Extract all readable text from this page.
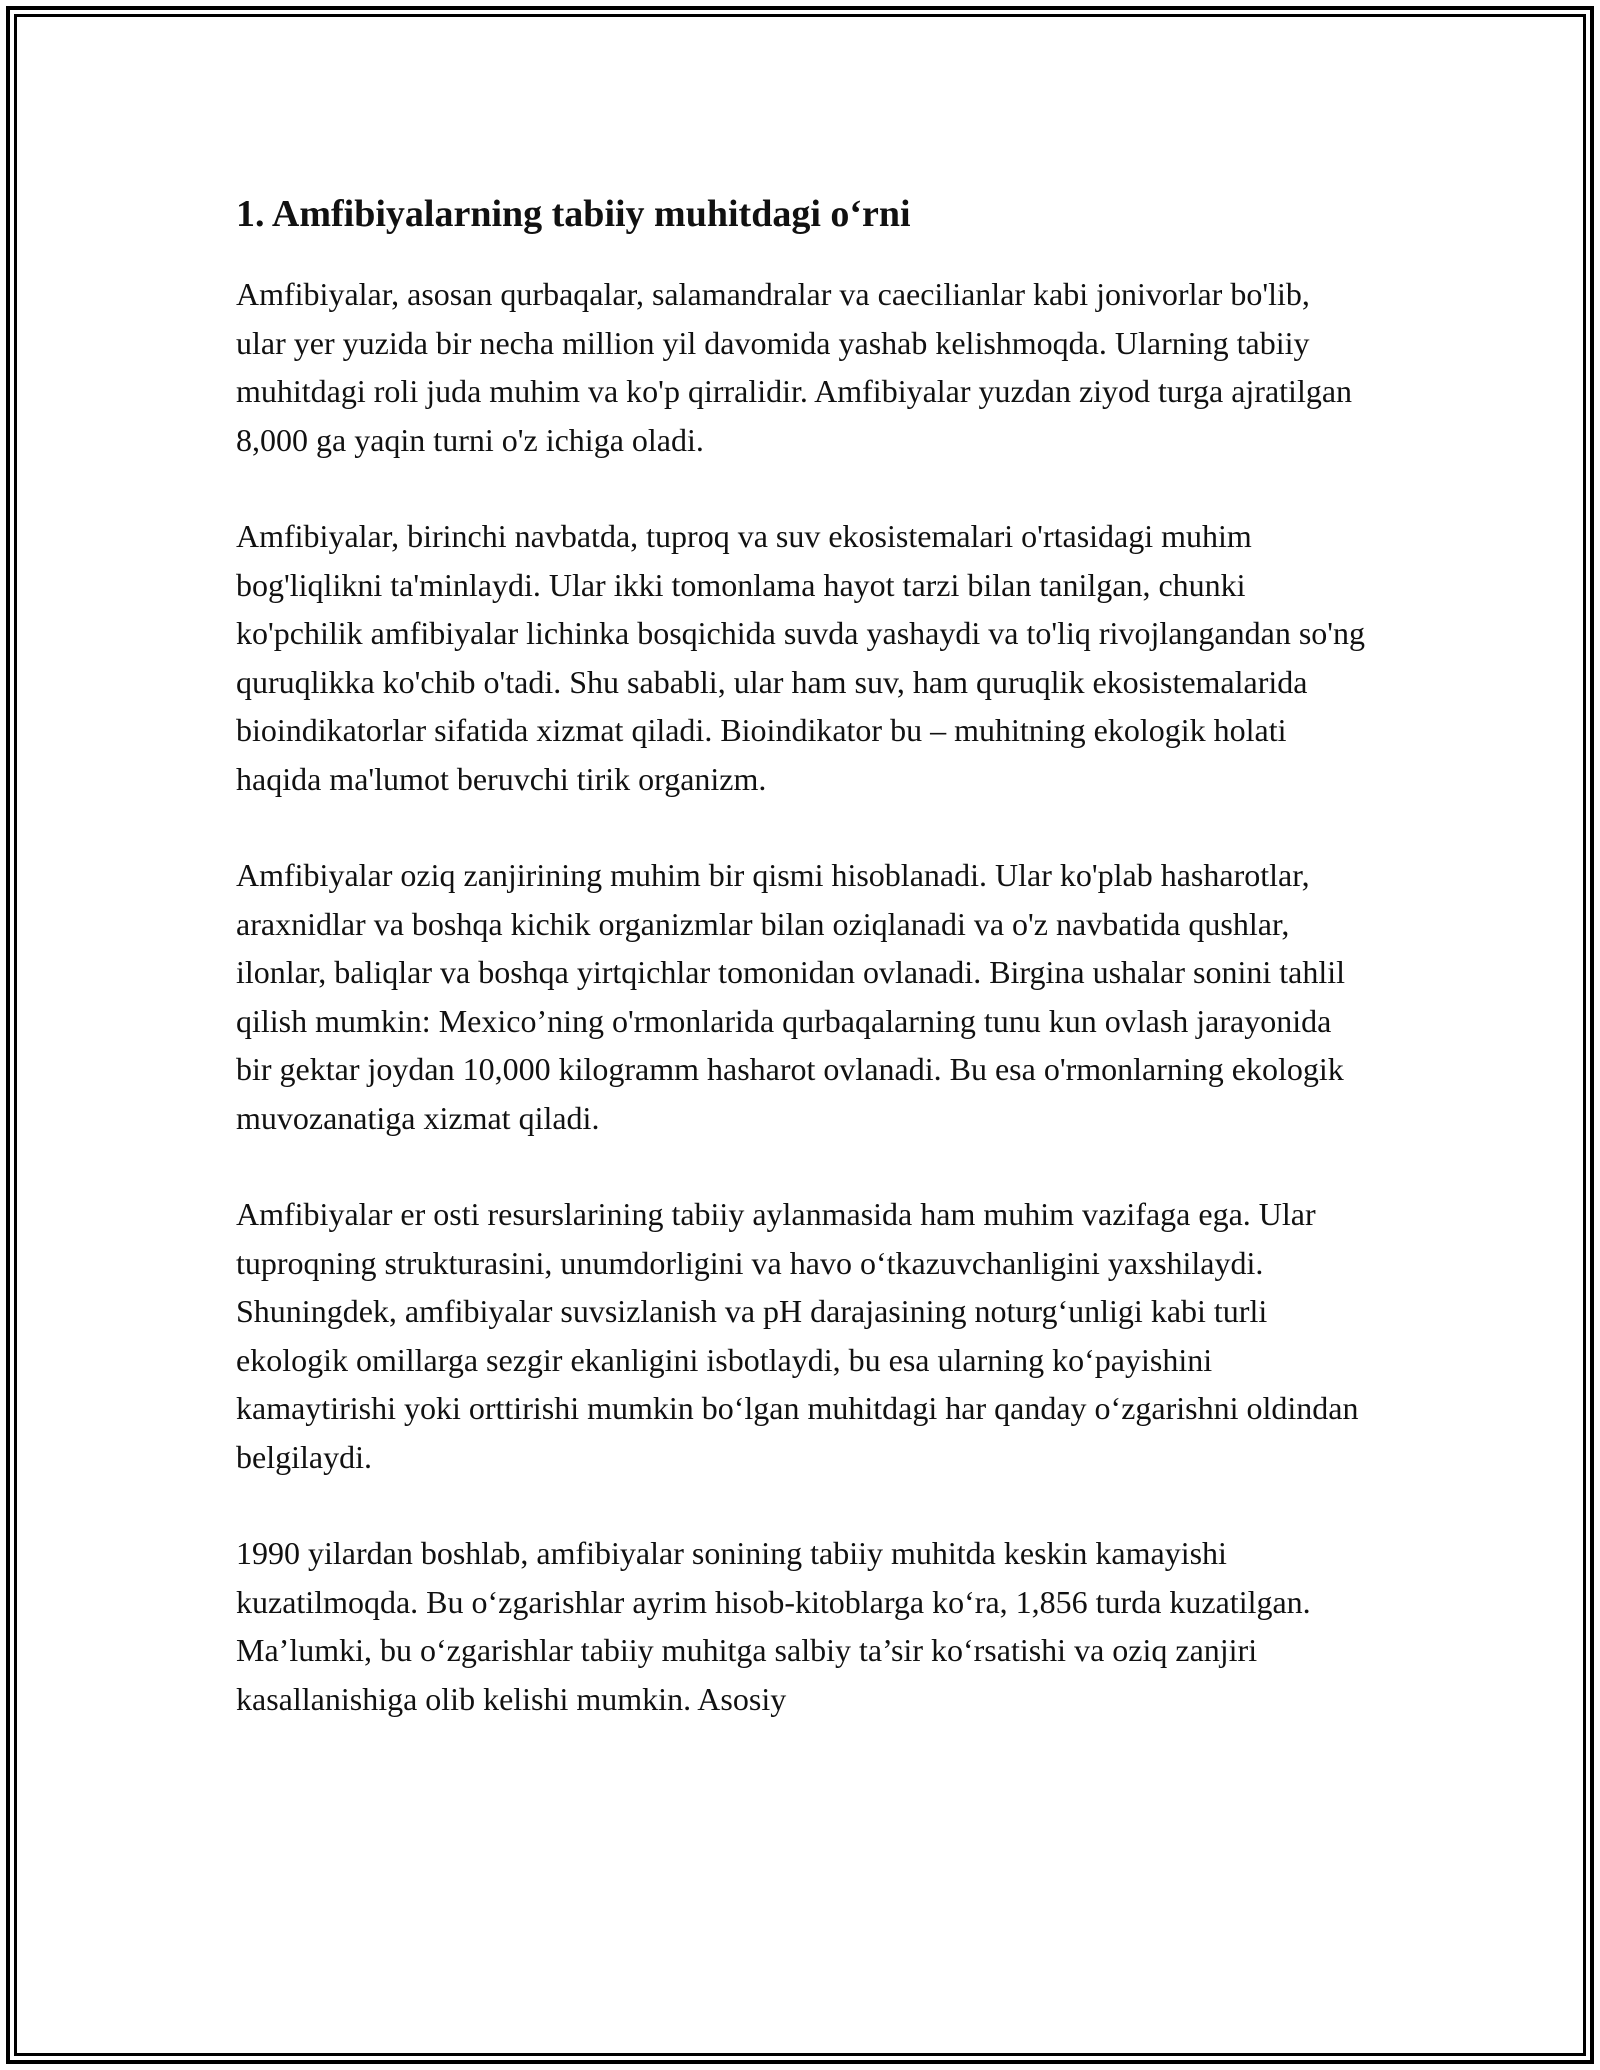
1. Amfibiyalarning tabiiy muhitdagi o‘rni

Amfibiyalar, asosan qurbaqalar, salamandralar va caecilianlar kabi jonivorlar bo'lib, ular yer yuzida bir necha million yil davomida yashab kelishmoqda. Ularning tabiiy muhitdagi roli juda muhim va ko'p qirralidir. Amfibiyalar yuzdan ziyod turga ajratilgan 8,000 ga yaqin turni o'z ichiga oladi.

Amfibiyalar, birinchi navbatda, tuproq va suv ekosistemalari o'rtasidagi muhim bog'liqlikni ta'minlaydi. Ular ikki tomonlama hayot tarzi bilan tanilgan, chunki ko'pchilik amfibiyalar lichinka bosqichida suvda yashaydi va to'liq rivojlangandan so'ng quruqlikka ko'chib o'tadi. Shu sababli, ular ham suv, ham quruqlik ekosistemalarida bioindikatorlar sifatida xizmat qiladi. Bioindikator bu – muhitning ekologik holati haqida ma'lumot beruvchi tirik organizm.

Amfibiyalar oziq zanjirining muhim bir qismi hisoblanadi. Ular ko'plab hasharotlar, araxnidlar va boshqa kichik organizmlar bilan oziqlanadi va o'z navbatida qushlar, ilonlar, baliqlar va boshqa yirtqichlar tomonidan ovlanadi. Birgina ushalar sonini tahlil qilish mumkin: Mexico’ning o'rmonlarida qurbaqalarning tunu kun ovlash jarayonida bir gektar joydan 10,000 kilogramm hasharot ovlanadi. Bu esa o'rmonlarning ekologik muvozanatiga xizmat qiladi.

Amfibiyalar er osti resurslarining tabiiy aylanmasida ham muhim vazifaga ega. Ular tuproqning strukturasini, unumdorligini va havo o‘tkazuvchanligini yaxshilaydi. Shuningdek, amfibiyalar suvsizlanish va pH darajasining noturg‘unligi kabi turli ekologik omillarga sezgir ekanligini isbotlaydi, bu esa ularning ko‘payishini kamaytirishi yoki orttirishi mumkin bo‘lgan muhitdagi har qanday o‘zgarishni oldindan belgilaydi.

1990 yilardan boshlab, amfibiyalar sonining tabiiy muhitda keskin kamayishi kuzatilmoqda. Bu o‘zgarishlar ayrim hisob-kitoblarga ko‘ra, 1,856 turda kuzatilgan. Ma’lumki, bu o‘zgarishlar tabiiy muhitga salbiy ta’sir ko‘rsatishi va oziq zanjiri kasallanishiga olib kelishi mumkin. Asosiy
